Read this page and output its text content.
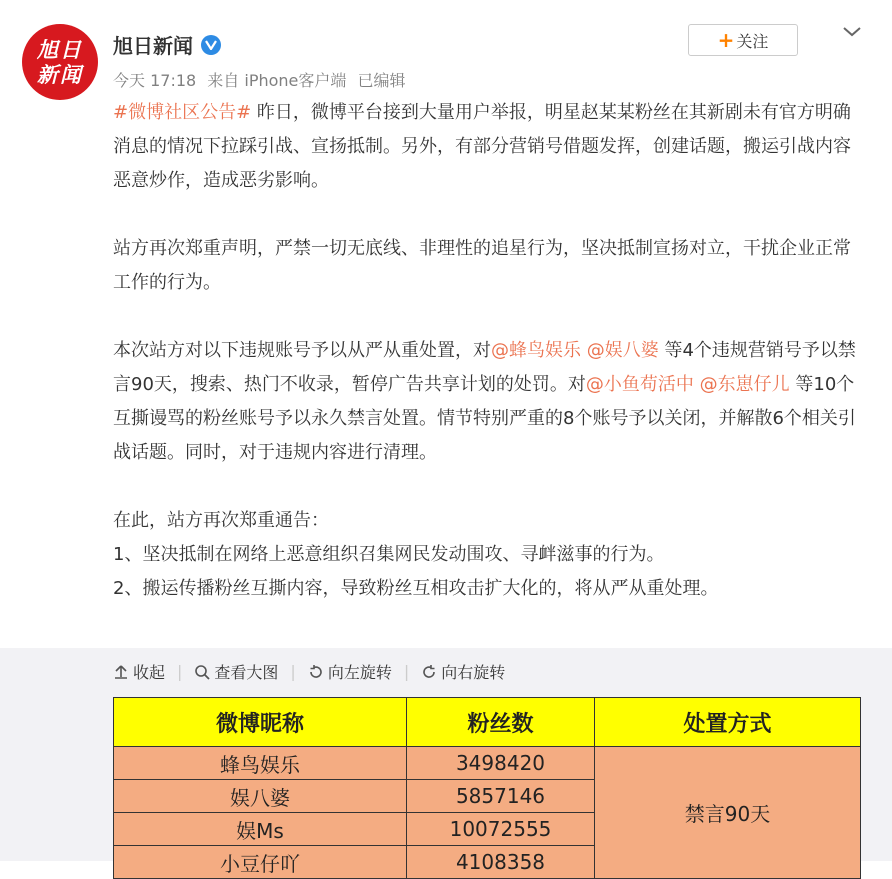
旭日
新闻
旭日新闻
今天 17:18 来自 iPhone客户端 已编辑
+ 关注

#微博社区公告# 昨日，微博平台接到大量用户举报，明星赵某某粉丝在其新剧未有官方明确消息的情况下拉踩引战、宣扬抵制。另外，有部分营销号借题发挥，创建话题，搬运引战内容恶意炒作，造成恶劣影响。

站方再次郑重声明，严禁一切无底线、非理性的追星行为，坚决抵制宣扬对立，干扰企业正常工作的行为。

本次站方对以下违规账号予以从严从重处置，对@蜂鸟娱乐 @娱八婆 等4个违规营销号予以禁言90天，搜索、热门不收录，暂停广告共享计划的处罚。对@小鱼苟活中 @东崽仔儿 等10个互撕谩骂的粉丝账号予以永久禁言处置。情节特别严重的8个账号予以关闭，并解散6个相关引战话题。同时，对于违规内容进行清理。

在此，站方再次郑重通告：

1、坚决抵制在网络上恶意组织召集网民发动围攻、寻衅滋事的行为。

2、搬运传播粉丝互撕内容，导致粉丝互相攻击扩大化的，将从严从重处理。

收起 | 查看大图 | 向左旋转 | 向右旋转
微博昵称	粉丝数	处置方式
蜂鸟娱乐	3498420	禁言90天
娱八婆	5857146	
娱Ms	10072555	
小豆仔吖	4108358	
